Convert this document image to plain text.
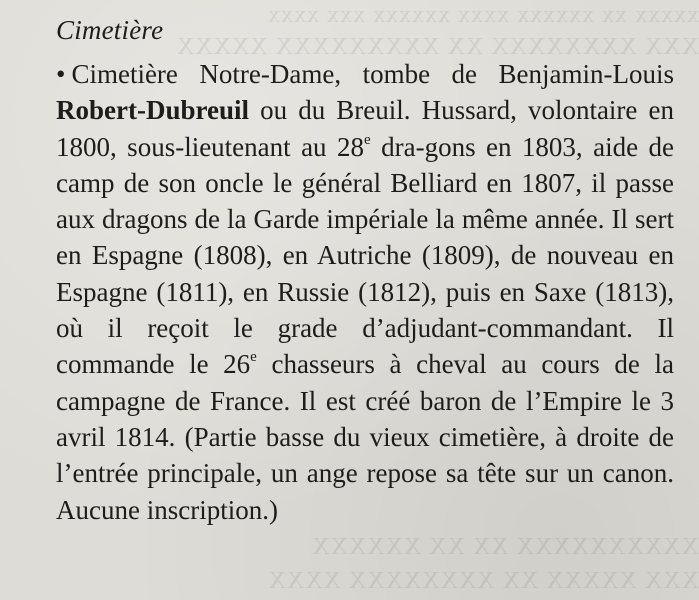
xxxxx xx xxxxxx xxxx xxxxxx xxx xxxx
XXX XXXXXXXX XX XXXXXXXXX XXXXX
XXXXXXXXXX XX XX XXXXXX
XXX XXXXX XX XXXXXXXX XXXX
Cimetière

• Cimetière Notre-Dame, tombe de Benjamin-Louis Robert-Dubreuil ou du Breuil. Hussard, volontaire en 1800, sous-lieutenant au 28e dra-gons en 1803, aide de camp de son oncle le général Belliard en 1807, il passe aux dragons de la Garde impériale la même année. Il sert en Espagne (1808), en Autriche (1809), de nouveau en Espagne (1811), en Russie (1812), puis en Saxe (1813), où il reçoit le grade d’adjudant-commandant. Il commande le 26e chasseurs à cheval au cours de la campagne de France. Il est créé baron de l’Empire le 3 avril 1814. (Partie basse du vieux cimetière, à droite de l’entrée principale, un ange repose sa tête sur un canon. Aucune inscription.)
